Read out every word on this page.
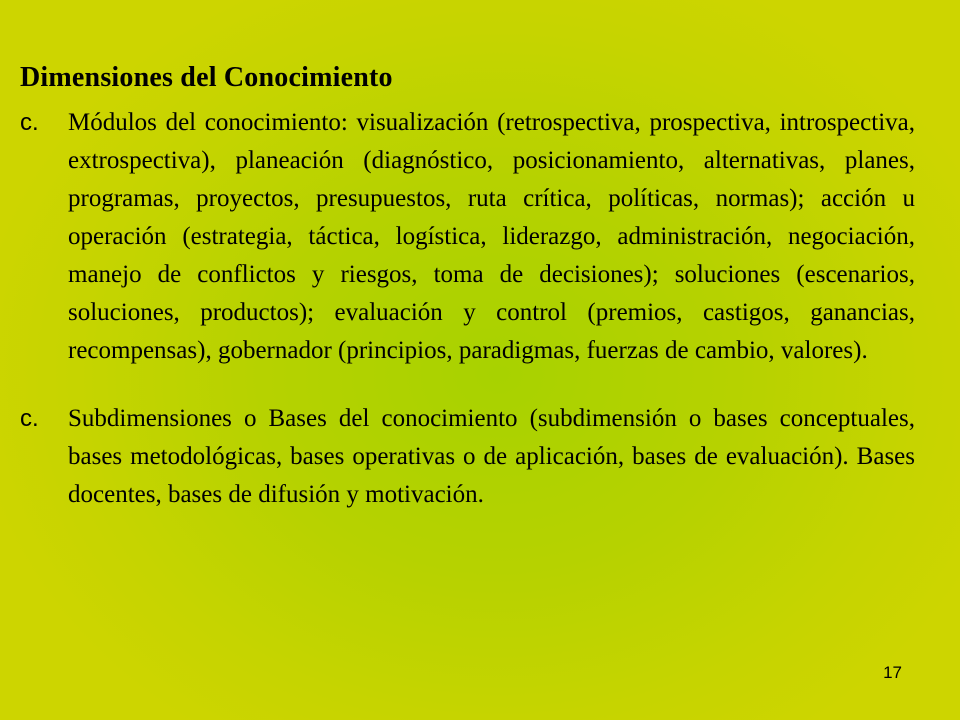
Dimensiones del Conocimiento
c.	Módulos del conocimiento: visualización (retrospectiva, prospectiva, introspectiva, extrospectiva), planeación (diagnóstico, posicionamiento, alternativas, planes, programas, proyectos, presupuestos, ruta crítica, políticas, normas); acción u operación (estrategia, táctica, logística, liderazgo, administración, negociación, manejo de conflictos y riesgos, toma de decisiones); soluciones (escenarios, soluciones, productos); evaluación y control (premios, castigos, ganancias, recompensas), gobernador (principios, paradigmas, fuerzas de cambio, valores).
c.	Subdimensiones o Bases del conocimiento (subdimensión o bases conceptuales, bases metodológicas, bases operativas o de aplicación, bases de evaluación). Bases docentes, bases de difusión y motivación.
17
